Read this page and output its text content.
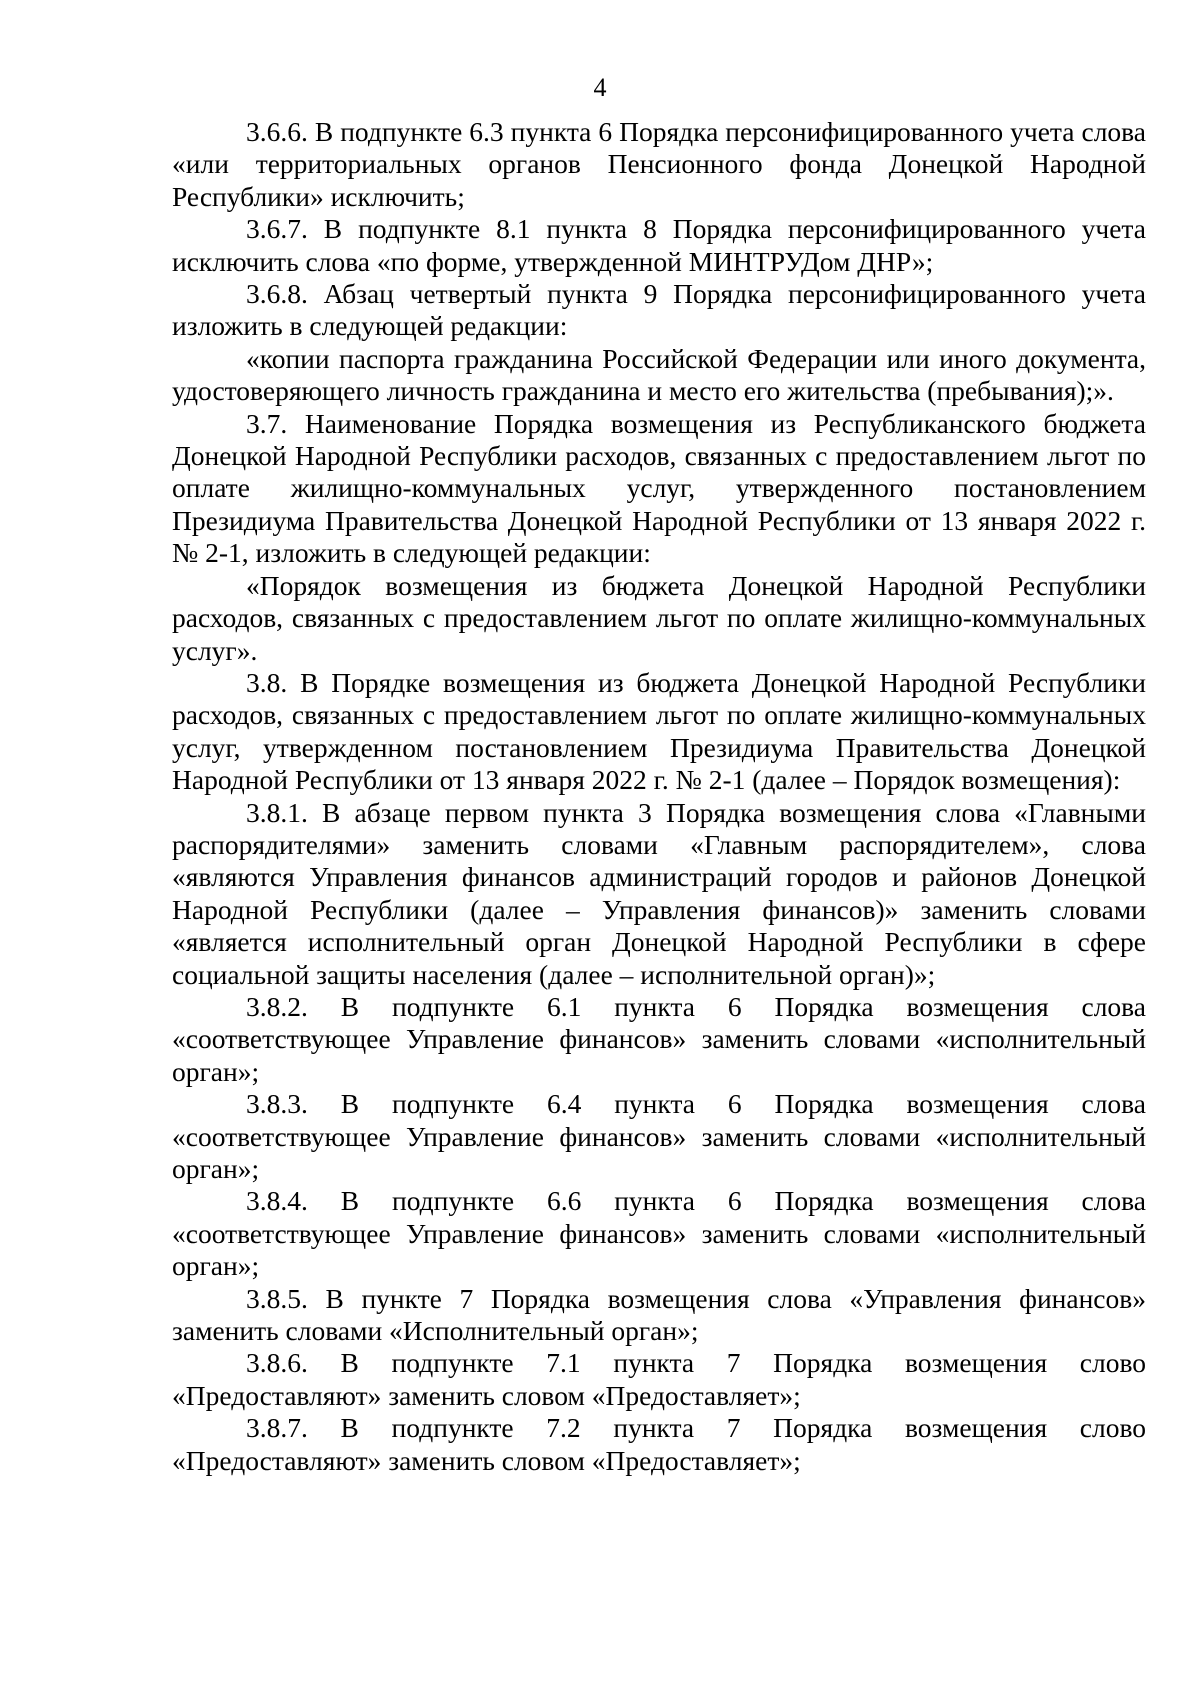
4

3.6.6. В подпункте 6.3 пункта 6 Порядка персонифицированного учета слова «или территориальных органов Пенсионного фонда Донецкой Народной Республики» исключить;

3.6.7. В подпункте 8.1 пункта 8 Порядка персонифицированного учета исключить слова «по форме, утвержденной МИНТРУДом ДНР»;

3.6.8. Абзац четвертый пункта 9 Порядка персонифицированного учета изложить в следующей редакции:

«копии паспорта гражданина Российской Федерации или иного документа, удостоверяющего личность гражданина и место его жительства (пребывания);».

3.7. Наименование Порядка возмещения из Республиканского бюджета Донецкой Народной Республики расходов, связанных с предоставлением льгот по оплате жилищно-коммунальных услуг, утвержденного постановлением Президиума Правительства Донецкой Народной Республики от 13 января 2022 г. № 2-1, изложить в следующей редакции:

«Порядок возмещения из бюджета Донецкой Народной Республики расходов, связанных с предоставлением льгот по оплате жилищно-коммунальных услуг».

3.8. В Порядке возмещения из бюджета Донецкой Народной Республики расходов, связанных с предоставлением льгот по оплате жилищно-коммунальных услуг, утвержденном постановлением Президиума Правительства Донецкой Народной Республики от 13 января 2022 г. № 2-1 (далее – Порядок возмещения):

3.8.1. В абзаце первом пункта 3 Порядка возмещения слова «Главными распорядителями» заменить словами «Главным распорядителем», слова «являются Управления финансов администраций городов и районов Донецкой Народной Республики (далее – Управления финансов)» заменить словами «является исполнительный орган Донецкой Народной Республики в сфере социальной защиты населения (далее – исполнительной орган)»;

3.8.2. В подпункте 6.1 пункта 6 Порядка возмещения слова «соответствующее Управление финансов» заменить словами «исполнительный орган»;

3.8.3. В подпункте 6.4 пункта 6 Порядка возмещения слова «соответствующее Управление финансов» заменить словами «исполнительный орган»;

3.8.4. В подпункте 6.6 пункта 6 Порядка возмещения слова «соответствующее Управление финансов» заменить словами «исполнительный орган»;

3.8.5. В пункте 7 Порядка возмещения слова «Управления финансов» заменить словами «Исполнительный орган»;

3.8.6. В подпункте 7.1 пункта 7 Порядка возмещения слово «Предоставляют» заменить словом «Предоставляет»;

3.8.7. В подпункте 7.2 пункта 7 Порядка возмещения слово «Предоставляют» заменить словом «Предоставляет»;
